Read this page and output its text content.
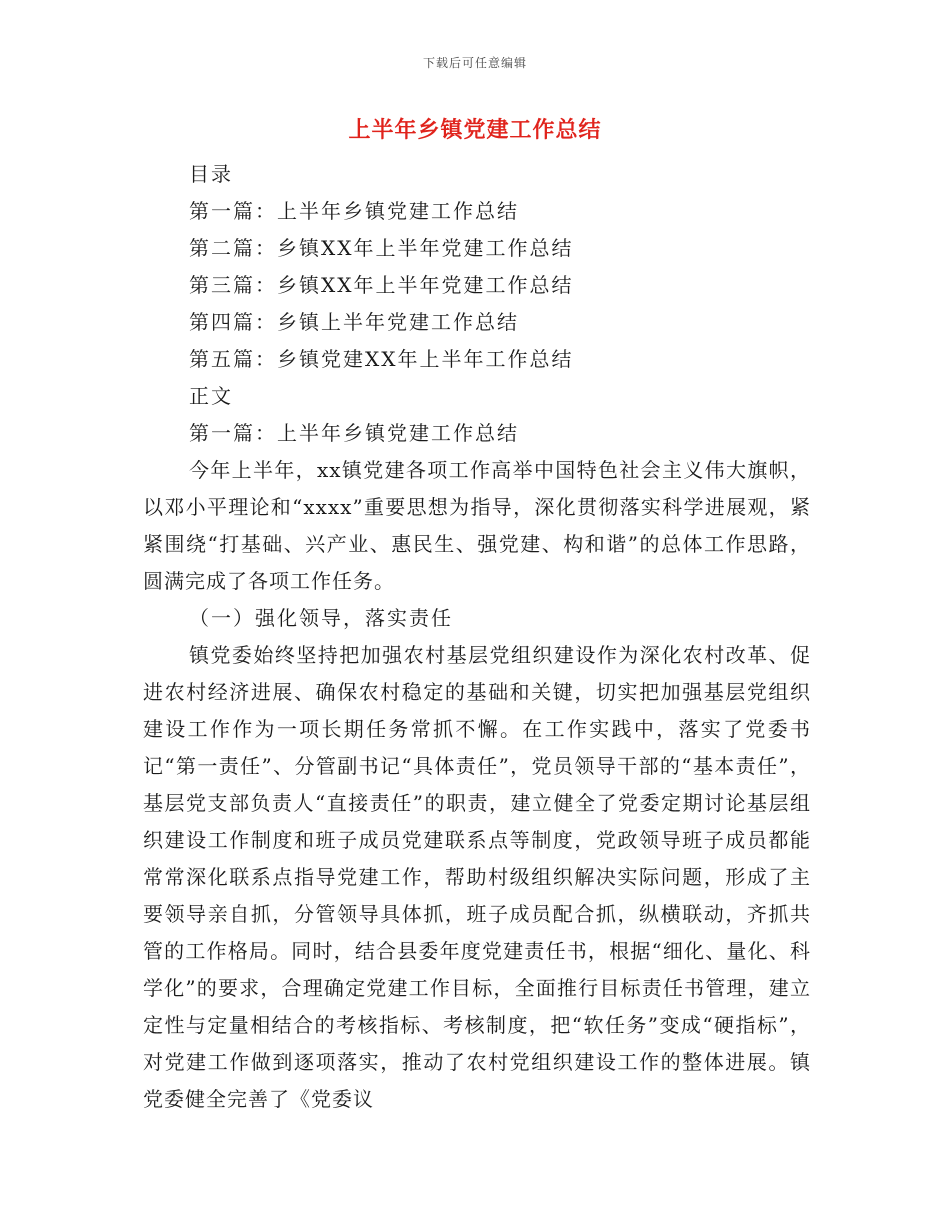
下载后可任意编辑
上半年乡镇党建工作总结
目录
第一篇：上半年乡镇党建工作总结
第二篇：乡镇XX年上半年党建工作总结
第三篇：乡镇XX年上半年党建工作总结
第四篇：乡镇上半年党建工作总结
第五篇：乡镇党建XX年上半年工作总结
正文
第一篇：上半年乡镇党建工作总结

今年上半年，xx镇党建各项工作高举中国特色社会主义伟大旗帜，以邓小平理论和“xxxx”重要思想为指导，深化贯彻落实科学进展观，紧紧围绕“打基础、兴产业、惠民生、强党建、构和谐”的总体工作思路，圆满完成了各项工作任务。

（一）强化领导，落实责任

镇党委始终坚持把加强农村基层党组织建设作为深化农村改革、促进农村经济进展、确保农村稳定的基础和关键，切实把加强基层党组织建设工作作为一项长期任务常抓不懈。在工作实践中，落实了党委书记“第一责任”、分管副书记“具体责任”，党员领导干部的“基本责任”，基层党支部负责人“直接责任”的职责，建立健全了党委定期讨论基层组织建设工作制度和班子成员党建联系点等制度，党政领导班子成员都能常常深化联系点指导党建工作，帮助村级组织解决实际问题，形成了主要领导亲自抓，分管领导具体抓，班子成员配合抓，纵横联动，齐抓共管的工作格局。同时，结合县委年度党建责任书，根据“细化、量化、科学化”的要求，合理确定党建工作目标，全面推行目标责任书管理，建立定性与定量相结合的考核指标、考核制度，把“软任务”变成“硬指标”，对党建工作做到逐项落实，推动了农村党组织建设工作的整体进展。镇党委健全完善了《党委议
